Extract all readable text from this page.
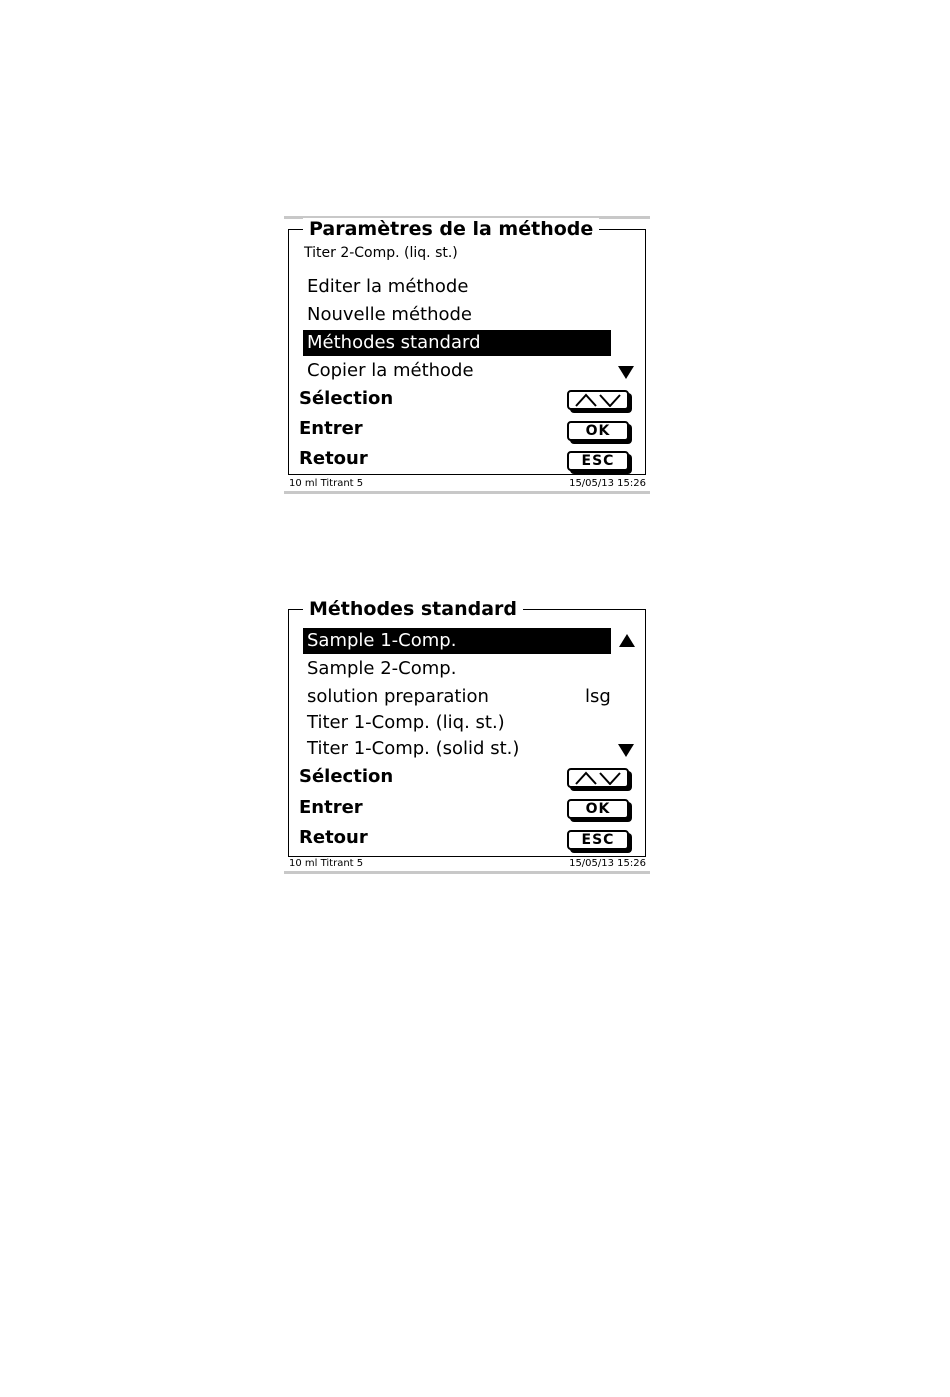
Paramètres de la méthode
Titer 2-Comp. (liq. st.)
Editer la méthode
Nouvelle méthode
Méthodes standard
Copier la méthode
Sélection
Entrer	OK
Retour	ESC
10 ml Titrant 5	15/05/13 15:26
Méthodes standard
Sample 1-Comp.
Sample 2-Comp.
solution preparation	lsg
Titer 1-Comp. (liq. st.)
Titer 1-Comp. (solid st.)
Sélection
Entrer	OK
Retour	ESC
10 ml Titrant 5	15/05/13 15:26
